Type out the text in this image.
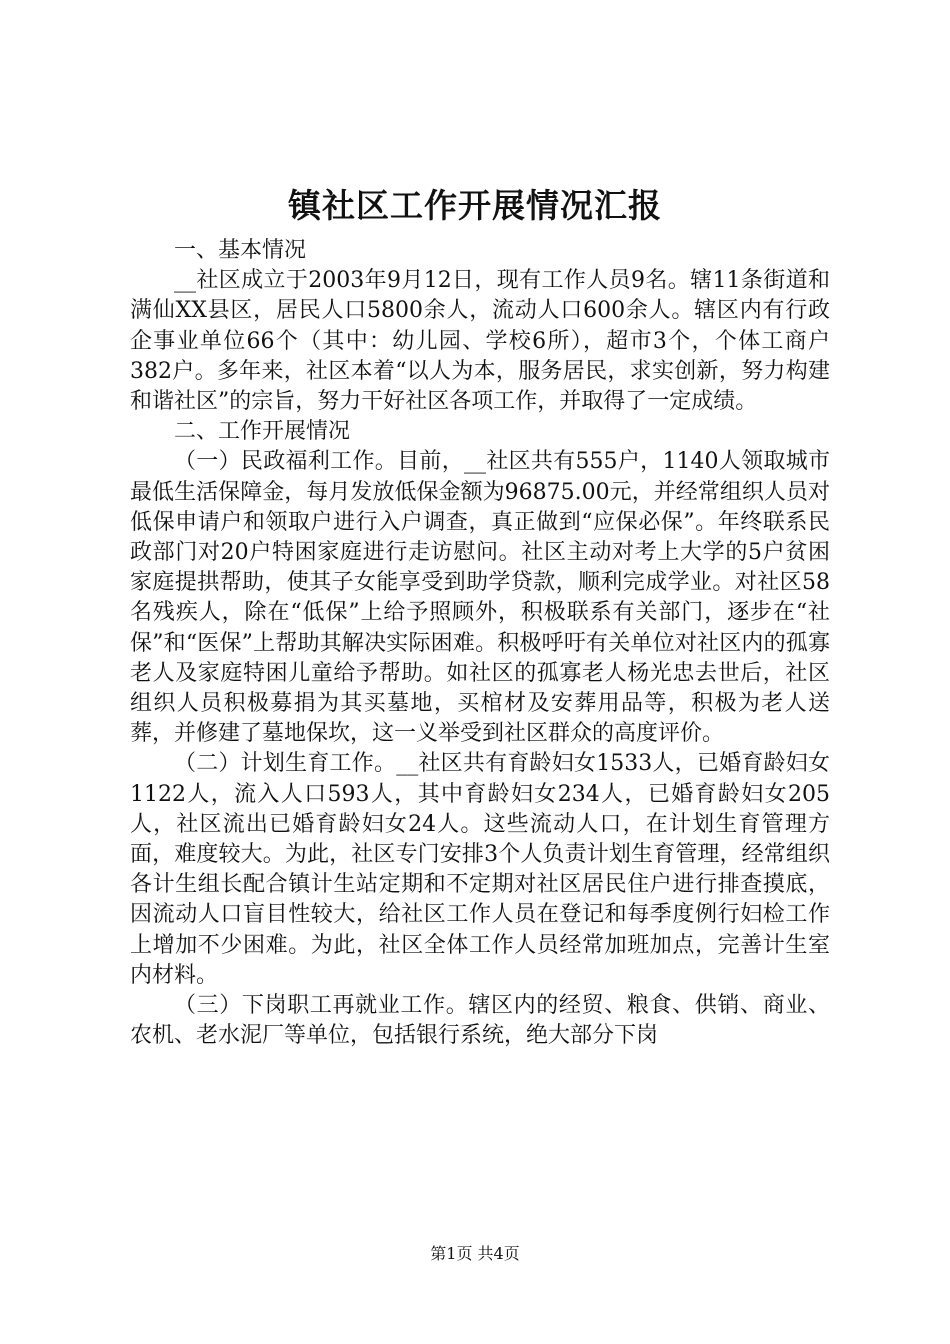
镇社区工作开展情况汇报

一、基本情况

__社区成立于2003年9月12日，现有工作人员9名。辖11条街道和满仙XX县区，居民人口5800余人，流动人口600余人。辖区内有行政企事业单位66个（其中：幼儿园、学校6所），超市3个，个体工商户382户。多年来，社区本着“以人为本，服务居民，求实创新，努力构建和谐社区”的宗旨，努力干好社区各项工作，并取得了一定成绩。

二、工作开展情况

（一）民政福利工作。目前，__社区共有555户，1140人领取城市最低生活保障金，每月发放低保金额为96875.00元，并经常组织人员对低保申请户和领取户进行入户调查，真正做到“应保必保”。年终联系民政部门对20户特困家庭进行走访慰问。社区主动对考上大学的5户贫困家庭提拱帮助，使其子女能享受到助学贷款，顺利完成学业。对社区58名残疾人，除在“低保”上给予照顾外，积极联系有关部门，逐步在“社保”和“医保”上帮助其解决实际困难。积极呼吁有关单位对社区内的孤寡老人及家庭特困儿童给予帮助。如社区的孤寡老人杨光忠去世后，社区组织人员积极募捐为其买墓地，买棺材及安葬用品等，积极为老人送葬，并修建了墓地保坎，这一义举受到社区群众的高度评价。

（二）计划生育工作。__社区共有育龄妇女1533人，已婚育龄妇女1122人，流入人口593人，其中育龄妇女234人，已婚育龄妇女205人，社区流出已婚育龄妇女24人。这些流动人口，在计划生育管理方面，难度较大。为此，社区专门安排3个人负责计划生育管理，经常组织各计生组长配合镇计生站定期和不定期对社区居民住户进行排查摸底，因流动人口盲目性较大，给社区工作人员在登记和每季度例行妇检工作上增加不少困难。为此，社区全体工作人员经常加班加点，完善计生室内材料。

（三）下岗职工再就业工作。辖区内的经贸、粮食、供销、商业、农机、老水泥厂等单位，包括银行系统，绝大部分下岗

第1页 共4页
